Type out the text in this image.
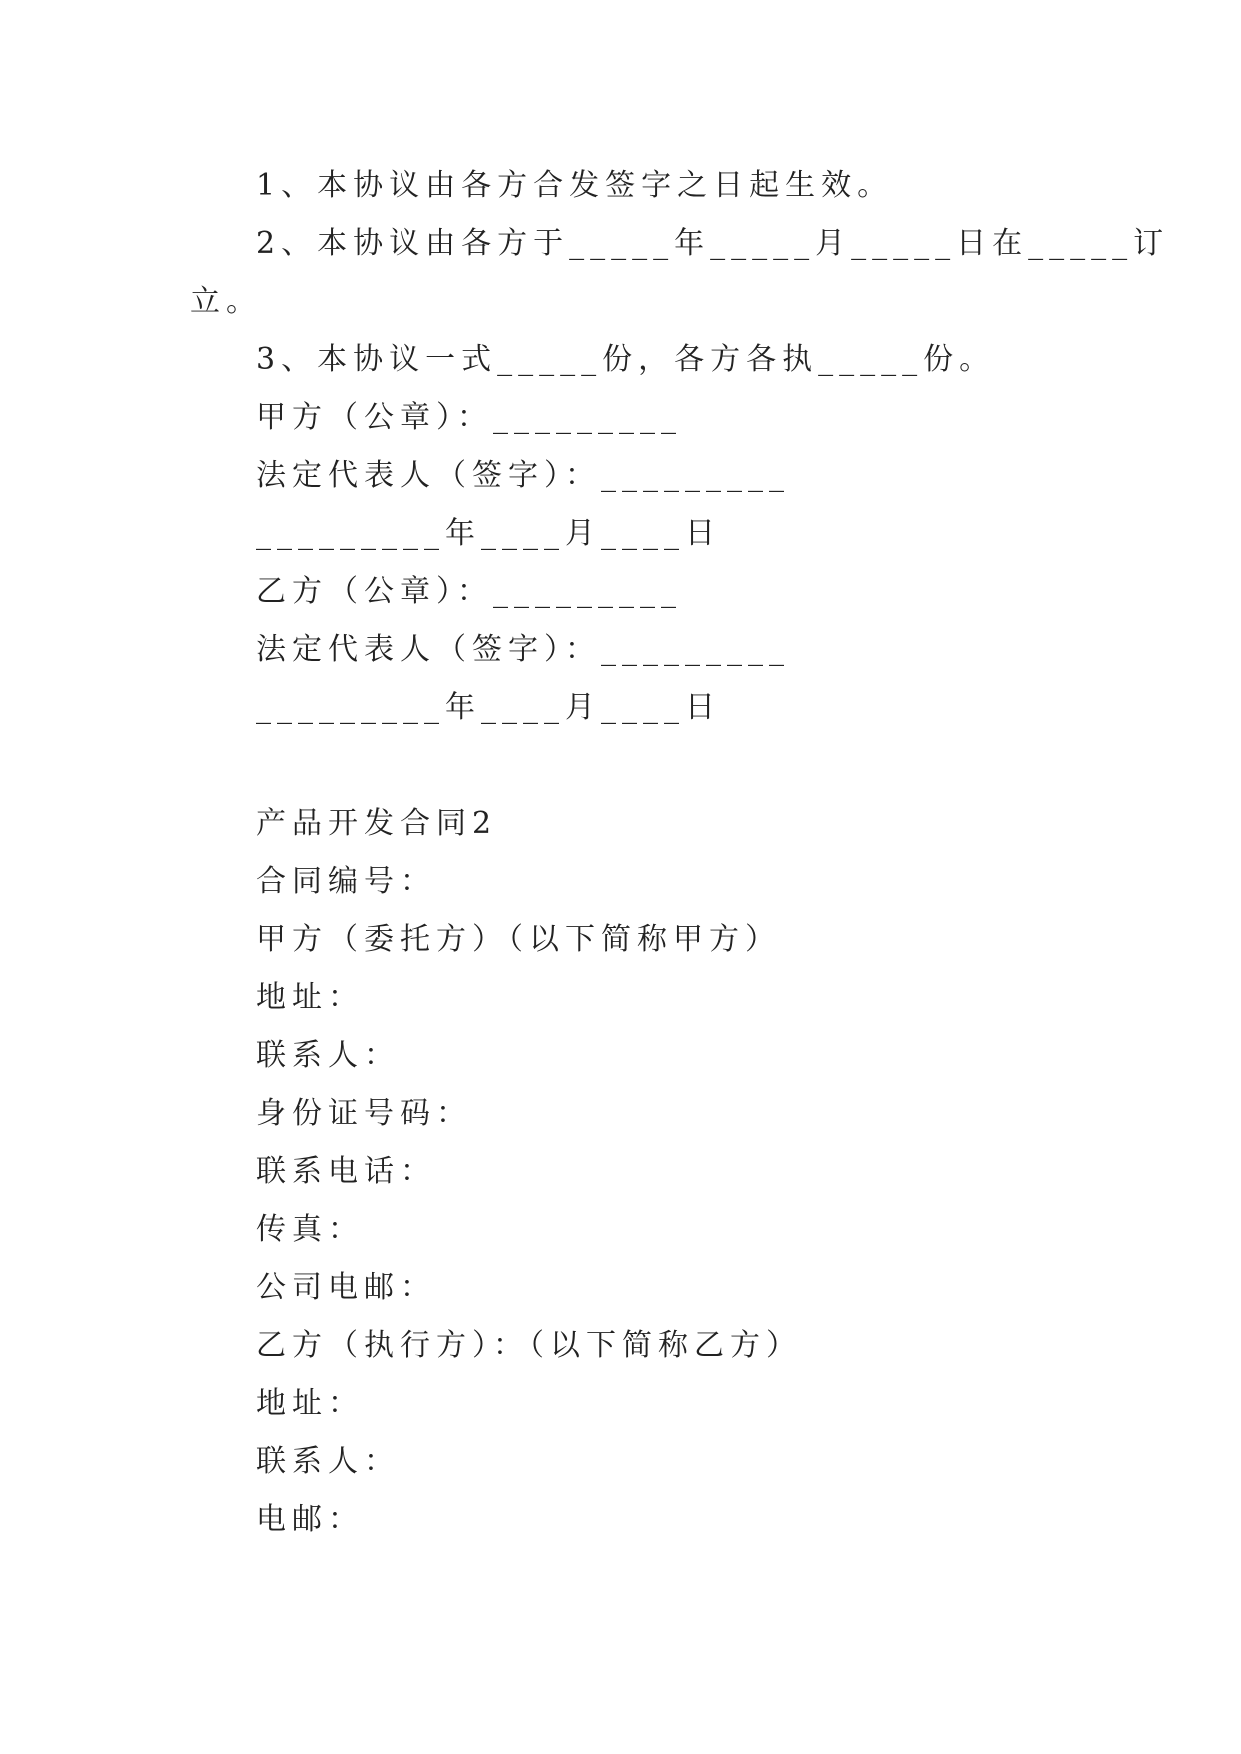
1、本协议由各方合发签字之日起生效。
2、本协议由各方于_____年_____月_____日在_____订
立。
3、本协议一式_____份，各方各执_____份。
甲方（公章）：_________
法定代表人（签字）：_________
_________年____月____日
乙方（公章）：_________
法定代表人（签字）：_________
_________年____月____日
产品开发合同2
合同编号：
甲方（委托方）（以下简称甲方）
地址：
联系人：
身份证号码：
联系电话：
传真：
公司电邮：
乙方（执行方）：（以下简称乙方）
地址：
联系人：
电邮：
